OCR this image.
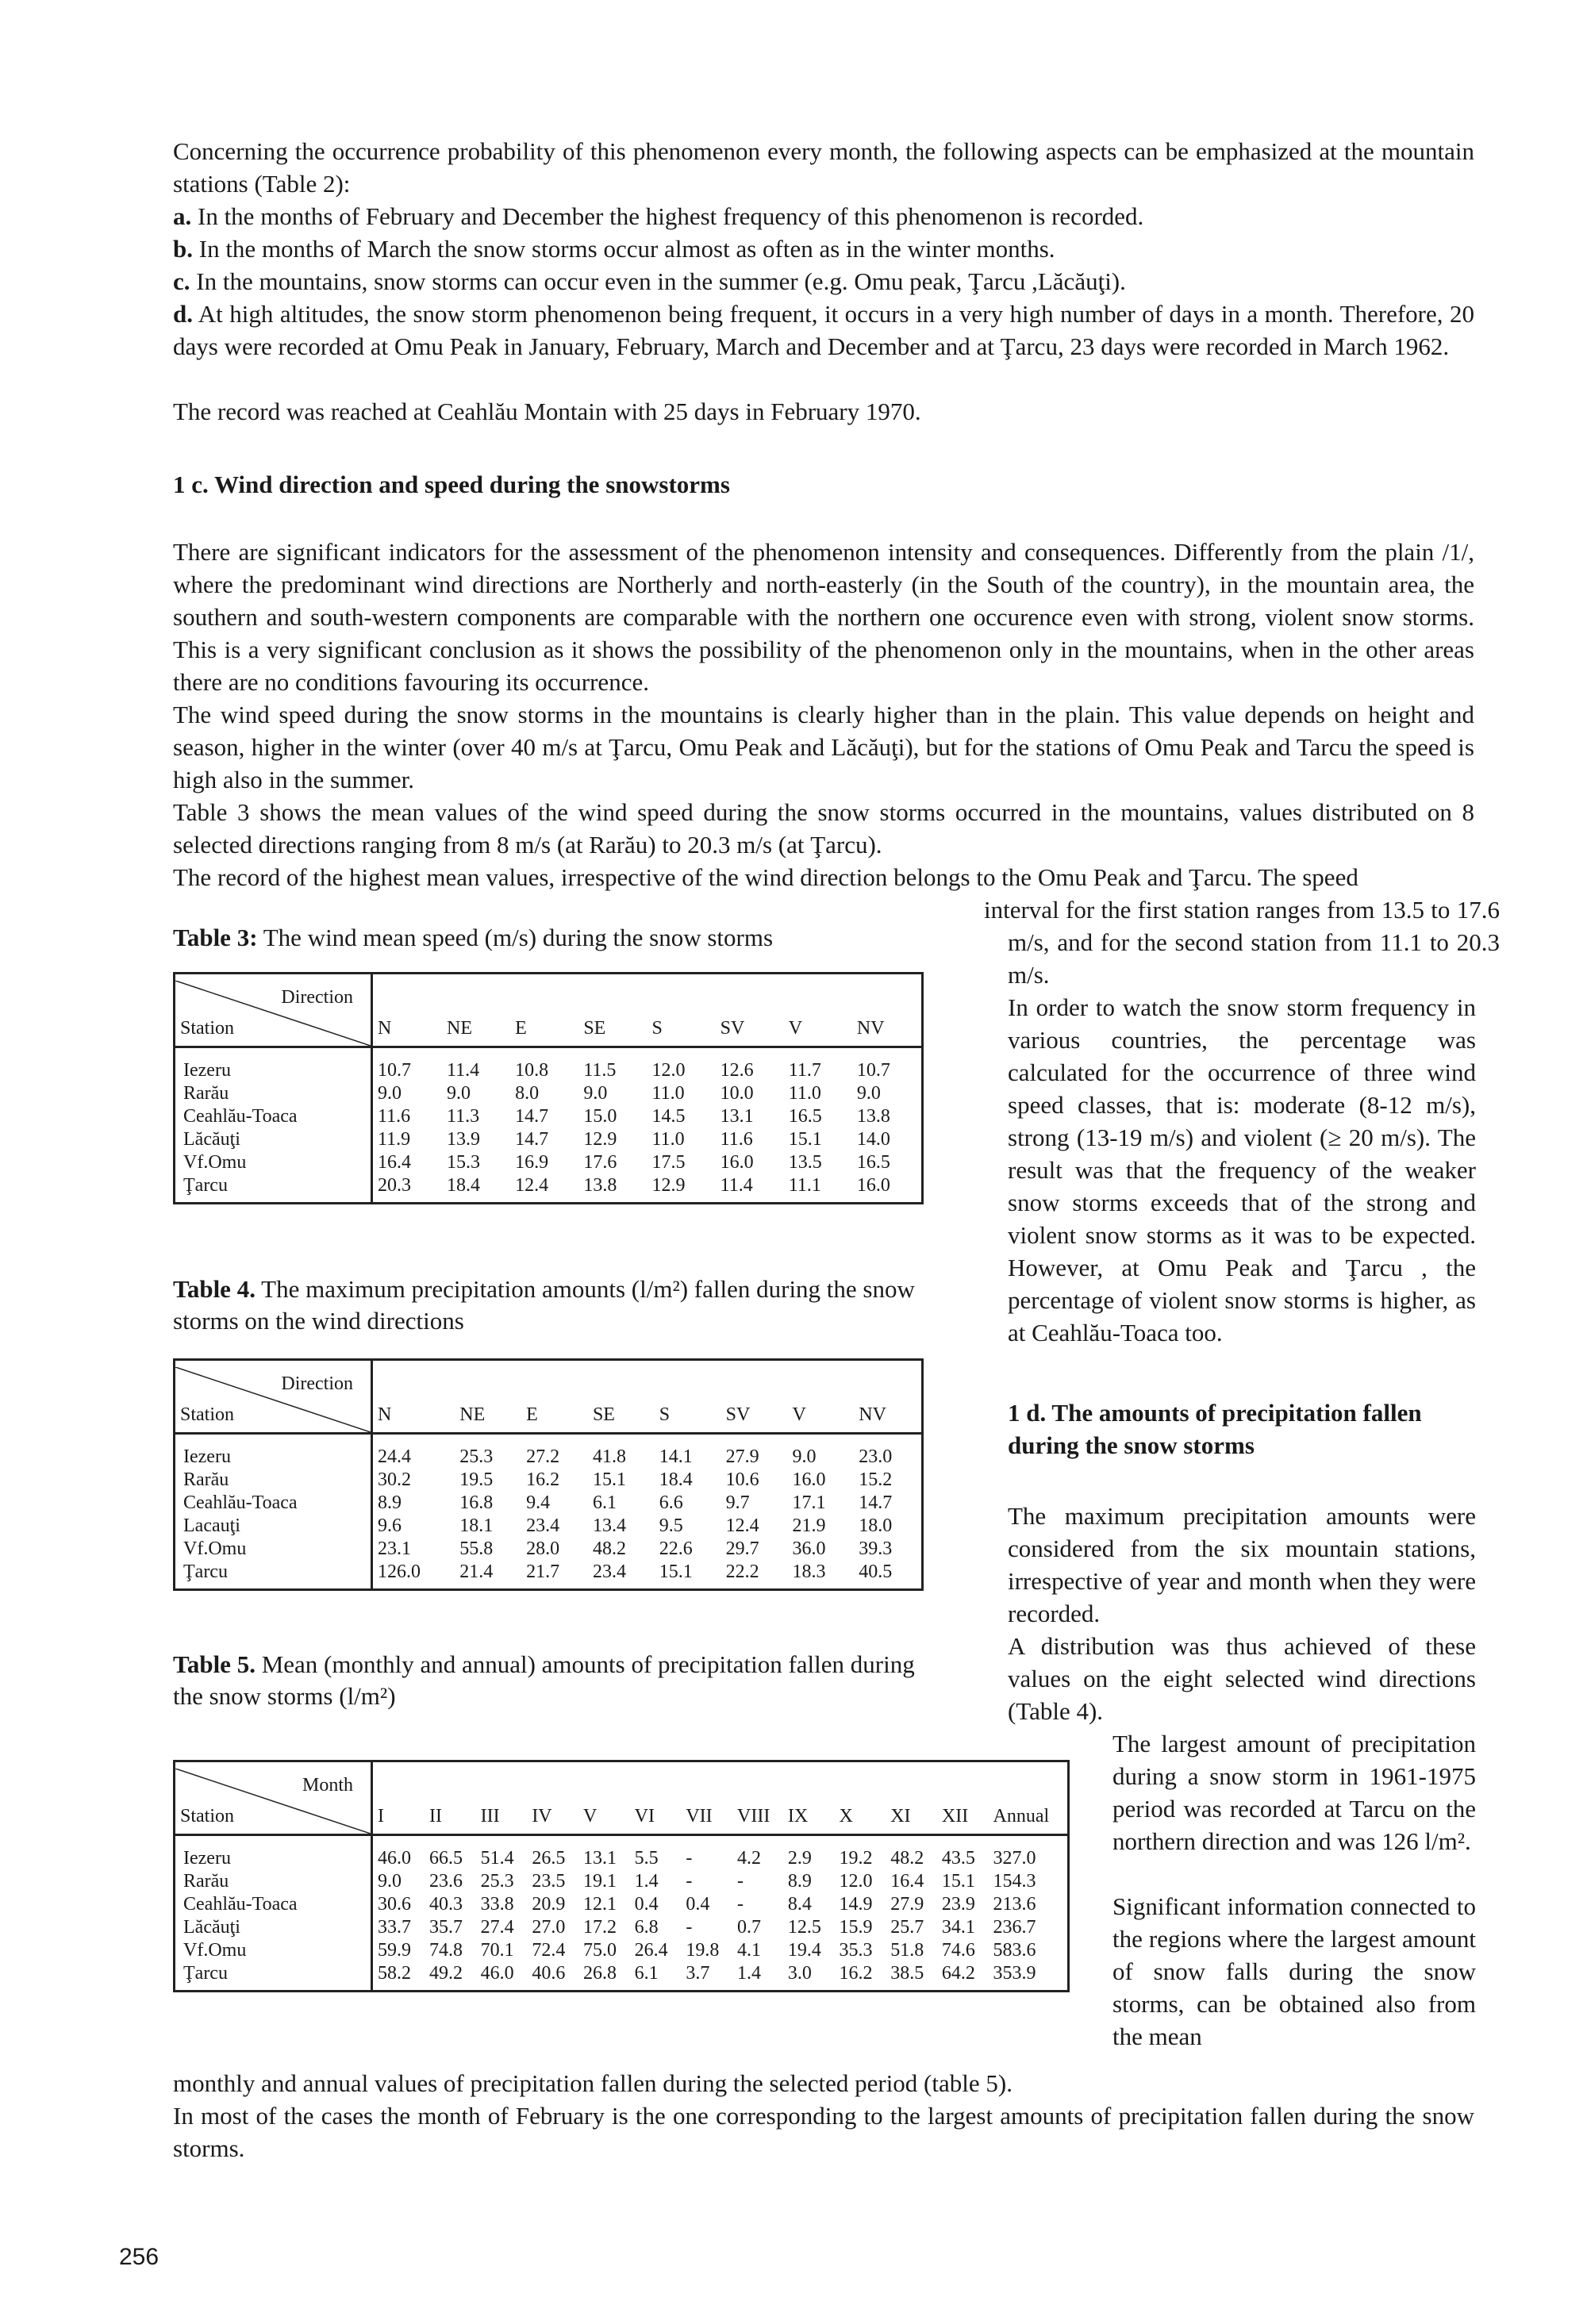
Concerning the occurrence probability of this phenomenon every month, the following aspects can be emphasized at the mountain stations (Table 2):
a. In the months of February and December the highest frequency of this phenomenon is recorded.
b. In the months of March the snow storms occur almost as often as in the winter months.
c. In the mountains, snow storms can occur even in the summer (e.g. Omu peak, Ţarcu ,Lăcăuţi).
d. At high altitudes, the snow storm phenomenon being frequent, it occurs in a very high number of days in a month. Therefore, 20 days were recorded at Omu Peak in January, February, March and December and at Ţarcu, 23 days were recorded in March 1962.
The record was reached at Ceahlău Montain with 25 days in February 1970.
1 c. Wind direction and speed during the snowstorms
There are significant indicators for the assessment of the phenomenon intensity and consequences. Differently from the plain /1/, where the predominant wind directions are Northerly and north-easterly (in the South of the country), in the mountain area, the southern and south-western components are comparable with the northern one occurence even with strong, violent snow storms. This is a very significant conclusion as it shows the possibility of the phenomenon only in the mountains, when in the other areas there are no conditions favouring its occurrence.
The wind speed during the snow storms in the mountains is clearly higher than in the plain. This value depends on height and season, higher in the winter (over 40 m/s at Ţarcu, Omu Peak and Lăcăuţi), but for the stations of Omu Peak and Tarcu the speed is high also in the summer.
Table 3 shows the mean values of the wind speed during the snow storms occurred in the mountains, values distributed on 8 selected directions ranging from 8 m/s (at Rarău) to 20.3 m/s (at Ţarcu).
The record of the highest mean values, irrespective of the wind direction belongs to the Omu Peak and Ţarcu. The speed
interval for the first station ranges from 13.5 to 17.6 m/s, and for the second station from 11.1 to 20.3 m/s.
In order to watch the snow storm frequency in various countries, the percentage was calculated for the occurrence of three wind speed classes, that is: moderate (8-12 m/s), strong (13-19 m/s) and violent (≥ 20 m/s). The result was that the frequency of the weaker snow storms exceeds that of the strong and violent snow storms as it was to be expected. However, at Omu Peak and Ţarcu , the percentage of violent snow storms is higher, as at Ceahlău-Toaca too.
1 d. The amounts of precipitation fallen during the snow storms
The maximum precipitation amounts were considered from the six mountain stations, irrespective of year and month when they were recorded.
A distribution was thus achieved of these values on the eight selected wind directions (Table 4).
The largest amount of precipitation during a snow storm in 1961-1975 period was recorded at Tarcu on the northern direction and was 126 l/m².
Significant information connected to the regions where the largest amount of snow falls during the snow storms, can be obtained also from the mean
monthly and annual values of precipitation fallen during the selected period (table 5).
In most of the cases the month of February is the one corresponding to the largest amounts of precipitation fallen during the snow storms.
Table 3: The wind mean speed (m/s) during the snow storms
Direction
Station	N	NE	E	SE	S	SV	V	NV
Iezeru	10.7	11.4	10.8	11.5	12.0	12.6	11.7	10.7
Rarău	9.0	9.0	8.0	9.0	11.0	10.0	11.0	9.0
Ceahlău-Toaca	11.6	11.3	14.7	15.0	14.5	13.1	16.5	13.8
Lăcăuţi	11.9	13.9	14.7	12.9	11.0	11.6	15.1	14.0
Vf.Omu	16.4	15.3	16.9	17.6	17.5	16.0	13.5	16.5
Ţarcu	20.3	18.4	12.4	13.8	12.9	11.4	11.1	16.0
Table 4. The maximum precipitation amounts (l/m²) fallen during the snow storms on the wind directions
Direction
Station	N	NE	E	SE	S	SV	V	NV
Iezeru	24.4	25.3	27.2	41.8	14.1	27.9	9.0	23.0
Rarău	30.2	19.5	16.2	15.1	18.4	10.6	16.0	15.2
Ceahlău-Toaca	8.9	16.8	9.4	6.1	6.6	9.7	17.1	14.7
Lacauţi	9.6	18.1	23.4	13.4	9.5	12.4	21.9	18.0
Vf.Omu	23.1	55.8	28.0	48.2	22.6	29.7	36.0	39.3
Ţarcu	126.0	21.4	21.7	23.4	15.1	22.2	18.3	40.5
Table 5. Mean (monthly and annual) amounts of precipitation fallen during the snow storms (l/m²)
Month
Station	I	II	III	IV	V	VI	VII	VIII	IX	X	XI	XII	Annual
Iezeru	46.0	66.5	51.4	26.5	13.1	5.5	-	4.2	2.9	19.2	48.2	43.5	327.0
Rarău	9.0	23.6	25.3	23.5	19.1	1.4	-	-	8.9	12.0	16.4	15.1	154.3
Ceahlău-Toaca	30.6	40.3	33.8	20.9	12.1	0.4	0.4	-	8.4	14.9	27.9	23.9	213.6
Lăcăuţi	33.7	35.7	27.4	27.0	17.2	6.8	-	0.7	12.5	15.9	25.7	34.1	236.7
Vf.Omu	59.9	74.8	70.1	72.4	75.0	26.4	19.8	4.1	19.4	35.3	51.8	74.6	583.6
Ţarcu	58.2	49.2	46.0	40.6	26.8	6.1	3.7	1.4	3.0	16.2	38.5	64.2	353.9
256
